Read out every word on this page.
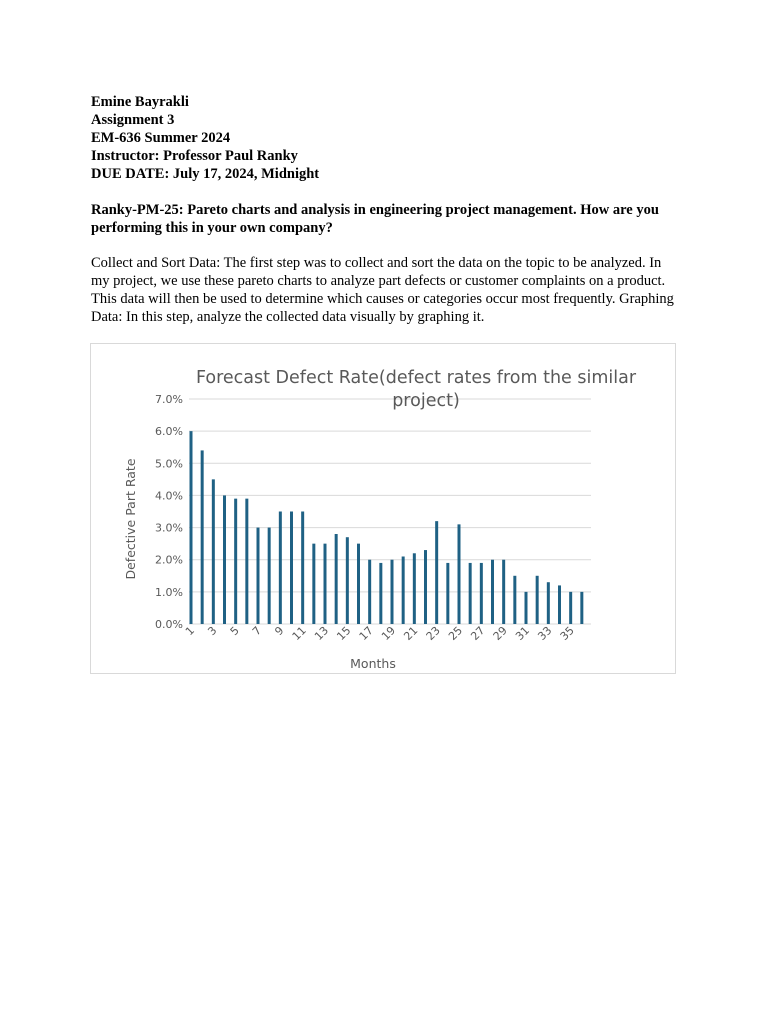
Emine Bayrakli
Assignment 3
EM-636 Summer 2024
Instructor: Professor Paul Ranky
DUE DATE: July 17, 2024, Midnight
Ranky-PM-25: Pareto charts and analysis in engineering project management. How are you performing this in your own company?
Collect and Sort Data: The first step was to collect and sort the data on the topic to be analyzed. In my project, we use these pareto charts to analyze part defects or customer complaints on a product. This data will then be used to determine which causes or categories occur most frequently. Graphing Data: In this step, analyze the collected data visually by graphing it.
0.0%
1.0%
2.0%
3.0%
4.0%
5.0%
6.0%
7.0%
1 3 5 7 9 11 13 15 17 19 21 23 25 27 29 31 33 35
Forecast Defect Rate(defect rates from the similar
project)
Months
Defective Part Rate
